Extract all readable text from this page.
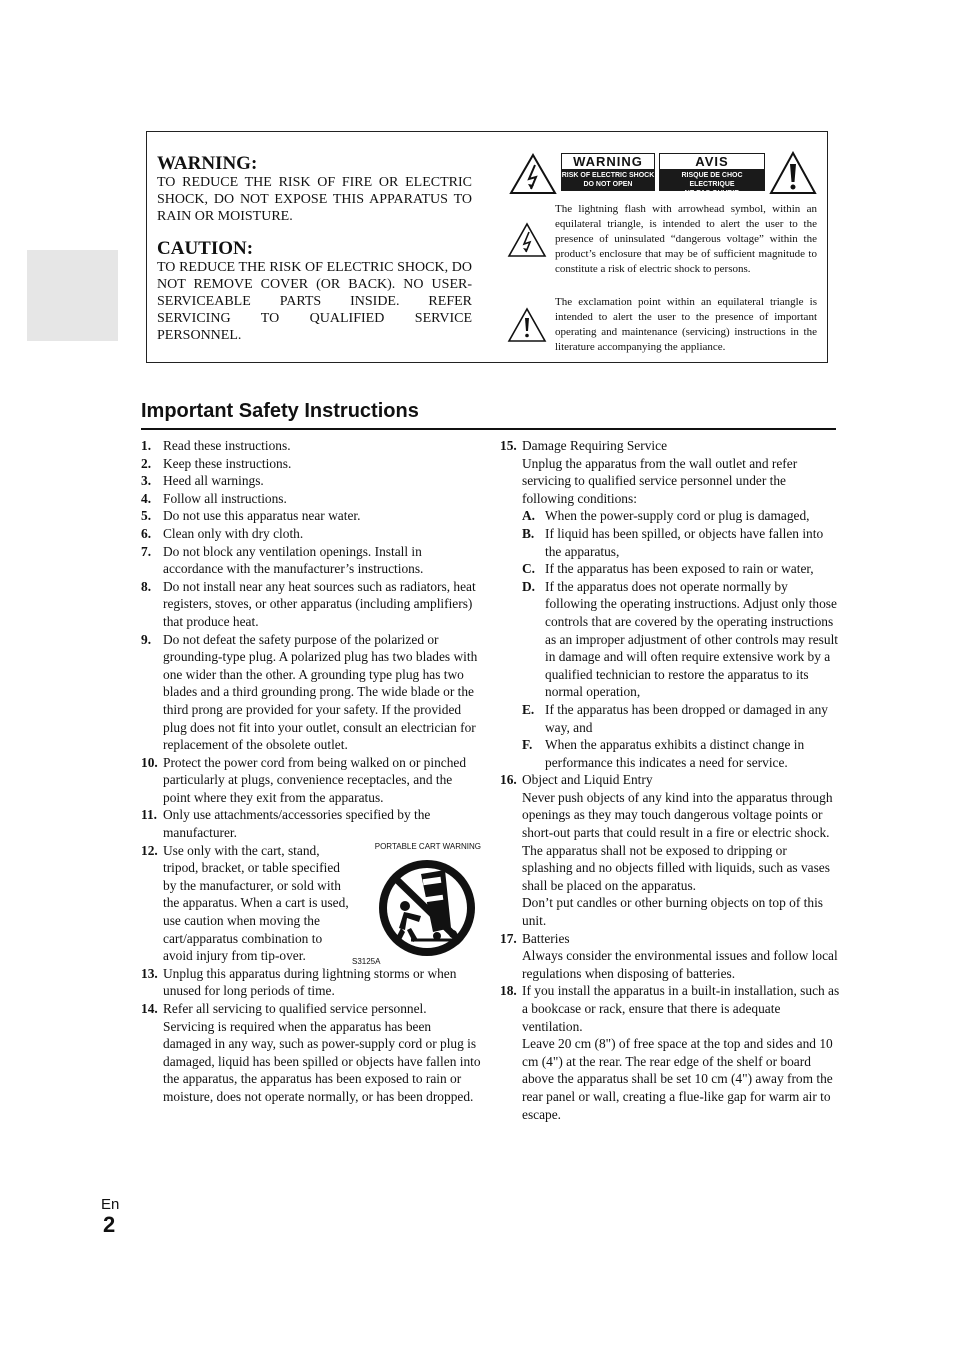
WARNING:

TO REDUCE THE RISK OF FIRE OR ELECTRIC SHOCK, DO NOT EXPOSE THIS APPARATUS TO RAIN OR MOISTURE.

CAUTION:

TO REDUCE THE RISK OF ELECTRIC SHOCK, DO NOT REMOVE COVER (OR BACK). NO USER-SERVICEABLE PARTS INSIDE. REFER SERVICING TO QUALIFIED SERVICE PERSONNEL.

WARNING
RISK OF ELECTRIC SHOCK
DO NOT OPEN
AVIS
RISQUE DE CHOC ELECTRIQUE
NE PAS OUVRIR

The lightning flash with arrowhead symbol, within an equilateral triangle, is intended to alert the user to the presence of uninsulated “dangerous voltage” within the product’s enclosure that may be of sufficient magnitude to constitute a risk of electric shock to persons.

The exclamation point within an equilateral triangle is intended to alert the user to the presence of important operating and maintenance (servicing) instructions in the literature accompanying the appliance.

Important Safety Instructions
1. Read these instructions.

2. Keep these instructions.

3. Heed all warnings.

4. Follow all instructions.

5. Do not use this apparatus near water.

6. Clean only with dry cloth.

7. Do not block any ventilation openings. Install in accordance with the manufacturer’s instructions.

8. Do not install near any heat sources such as radiators, heat registers, stoves, or other apparatus (including amplifiers) that produce heat.

9. Do not defeat the safety purpose of the polarized or grounding-type plug. A polarized plug has two blades with one wider than the other. A grounding type plug has two blades and a third grounding prong. The wide blade or the third prong are provided for your safety. If the provided plug does not fit into your outlet, consult an electrician for replacement of the obsolete outlet.

10. Protect the power cord from being walked on or pinched particularly at plugs, convenience receptacles, and the point where they exit from the apparatus.

11. Only use attachments/accessories specified by the manufacturer.

12. Use only with the cart, stand, tripod, bracket, or table specified by the manufacturer, or sold with the apparatus. When a cart is used, use caution when moving the cart/apparatus combination to avoid injury from tip-over.

PORTABLE CART WARNING
S3125A
13. Unplug this apparatus during lightning storms or when unused for long periods of time.

14. Refer all servicing to qualified service personnel. Servicing is required when the apparatus has been damaged in any way, such as power-supply cord or plug is damaged, liquid has been spilled or objects have fallen into the apparatus, the apparatus has been exposed to rain or moisture, does not operate normally, or has been dropped.

15. Damage Requiring Service

Unplug the apparatus from the wall outlet and refer servicing to qualified service personnel under the following conditions:

A. When the power-supply cord or plug is damaged,

B. If liquid has been spilled, or objects have fallen into the apparatus,

C. If the apparatus has been exposed to rain or water,

D. If the apparatus does not operate normally by following the operating instructions. Adjust only those controls that are covered by the operating instructions as an improper adjustment of other controls may result in damage and will often require extensive work by a qualified technician to restore the apparatus to its normal operation,

E. If the apparatus has been dropped or damaged in any way, and

F. When the apparatus exhibits a distinct change in performance this indicates a need for service.

16. Object and Liquid Entry

Never push objects of any kind into the apparatus through openings as they may touch dangerous voltage points or short-out parts that could result in a fire or electric shock.

The apparatus shall not be exposed to dripping or splashing and no objects filled with liquids, such as vases shall be placed on the apparatus.

Don’t put candles or other burning objects on top of this unit.

17. Batteries

Always consider the environmental issues and follow local regulations when disposing of batteries.

18. If you install the apparatus in a built-in installation, such as a bookcase or rack, ensure that there is adequate ventilation.

Leave 20 cm (8") of free space at the top and sides and 10 cm (4") at the rear. The rear edge of the shelf or board above the apparatus shall be set 10 cm (4") away from the rear panel or wall, creating a flue-like gap for warm air to escape.

En
2
